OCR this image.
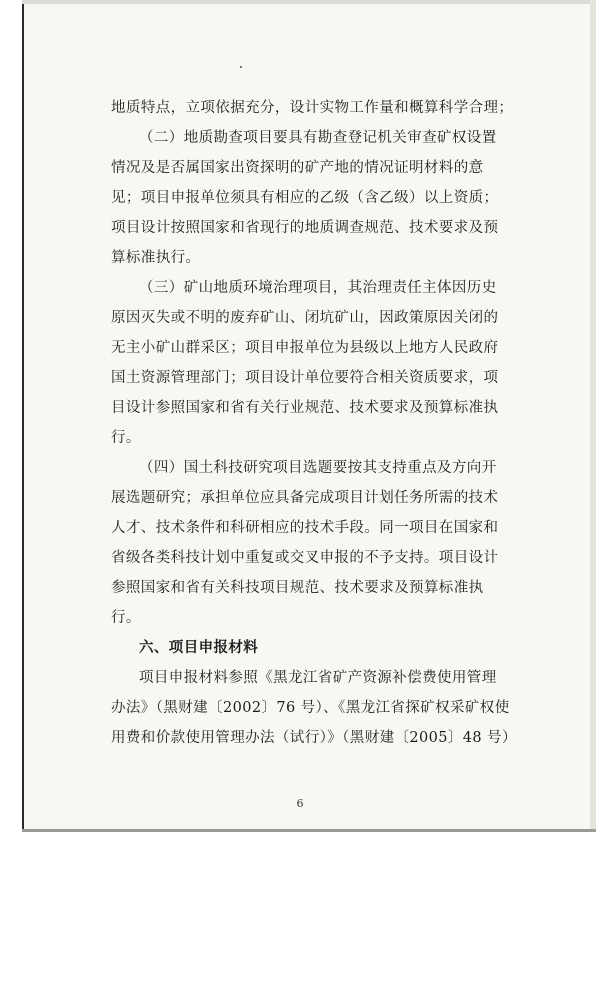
地质特点，立项依据充分，设计实物工作量和概算科学合理；
（二）地质勘查项目要具有勘查登记机关审查矿权设置
情况及是否属国家出资探明的矿产地的情况证明材料的意
见；项目申报单位须具有相应的乙级（含乙级）以上资质；
项目设计按照国家和省现行的地质调查规范、技术要求及预
算标准执行。
（三）矿山地质环境治理项目，其治理责任主体因历史
原因灭失或不明的废弃矿山、闭坑矿山，因政策原因关闭的
无主小矿山群采区；项目申报单位为县级以上地方人民政府
国土资源管理部门；项目设计单位要符合相关资质要求，项
目设计参照国家和省有关行业规范、技术要求及预算标准执
行。
（四）国土科技研究项目选题要按其支持重点及方向开
展选题研究；承担单位应具备完成项目计划任务所需的技术
人才、技术条件和科研相应的技术手段。同一项目在国家和
省级各类科技计划中重复或交叉申报的不予支持。项目设计
参照国家和省有关科技项目规范、技术要求及预算标准执
行。
六、项目申报材料
项目申报材料参照《黑龙江省矿产资源补偿费使用管理
办法》（黑财建〔2002〕76 号）、《黑龙江省探矿权采矿权使
用费和价款使用管理办法（试行）》（黑财建〔2005〕48 号）
6
